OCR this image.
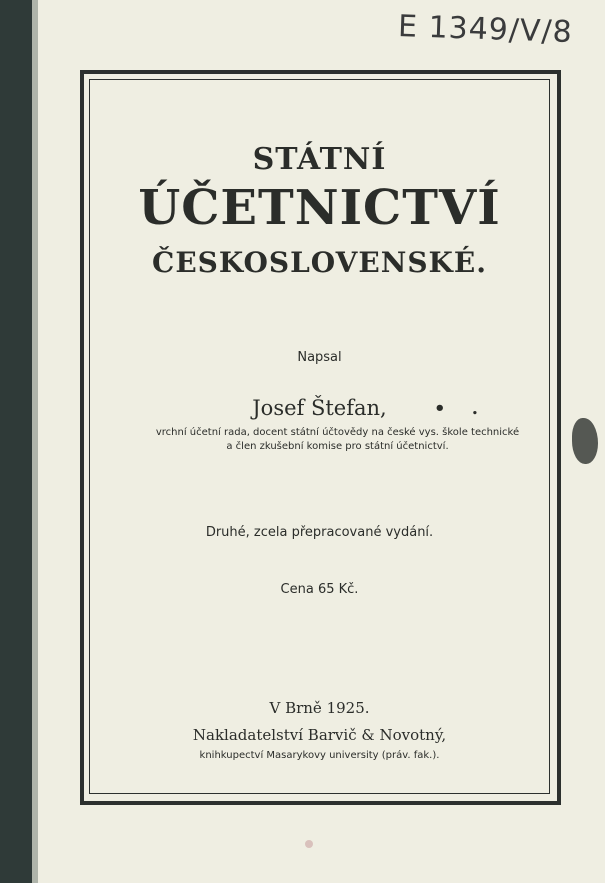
E 1349/V/8
STÁTNÍ
ÚČETNICTVÍ
ČESKOSLOVENSKÉ.
Napsal
Josef Štefan,	• .
vrchní účetní rada, docent státní účtovědy na české vys. škole technické
a člen zkušební komise pro státní účetnictví.
Druhé, zcela přepracované vydání.
Cena 65 Kč.
V Brně 1925.
Nakladatelství Barvič & Novotný,
knihkupectví Masarykovy university (práv. fak.).
